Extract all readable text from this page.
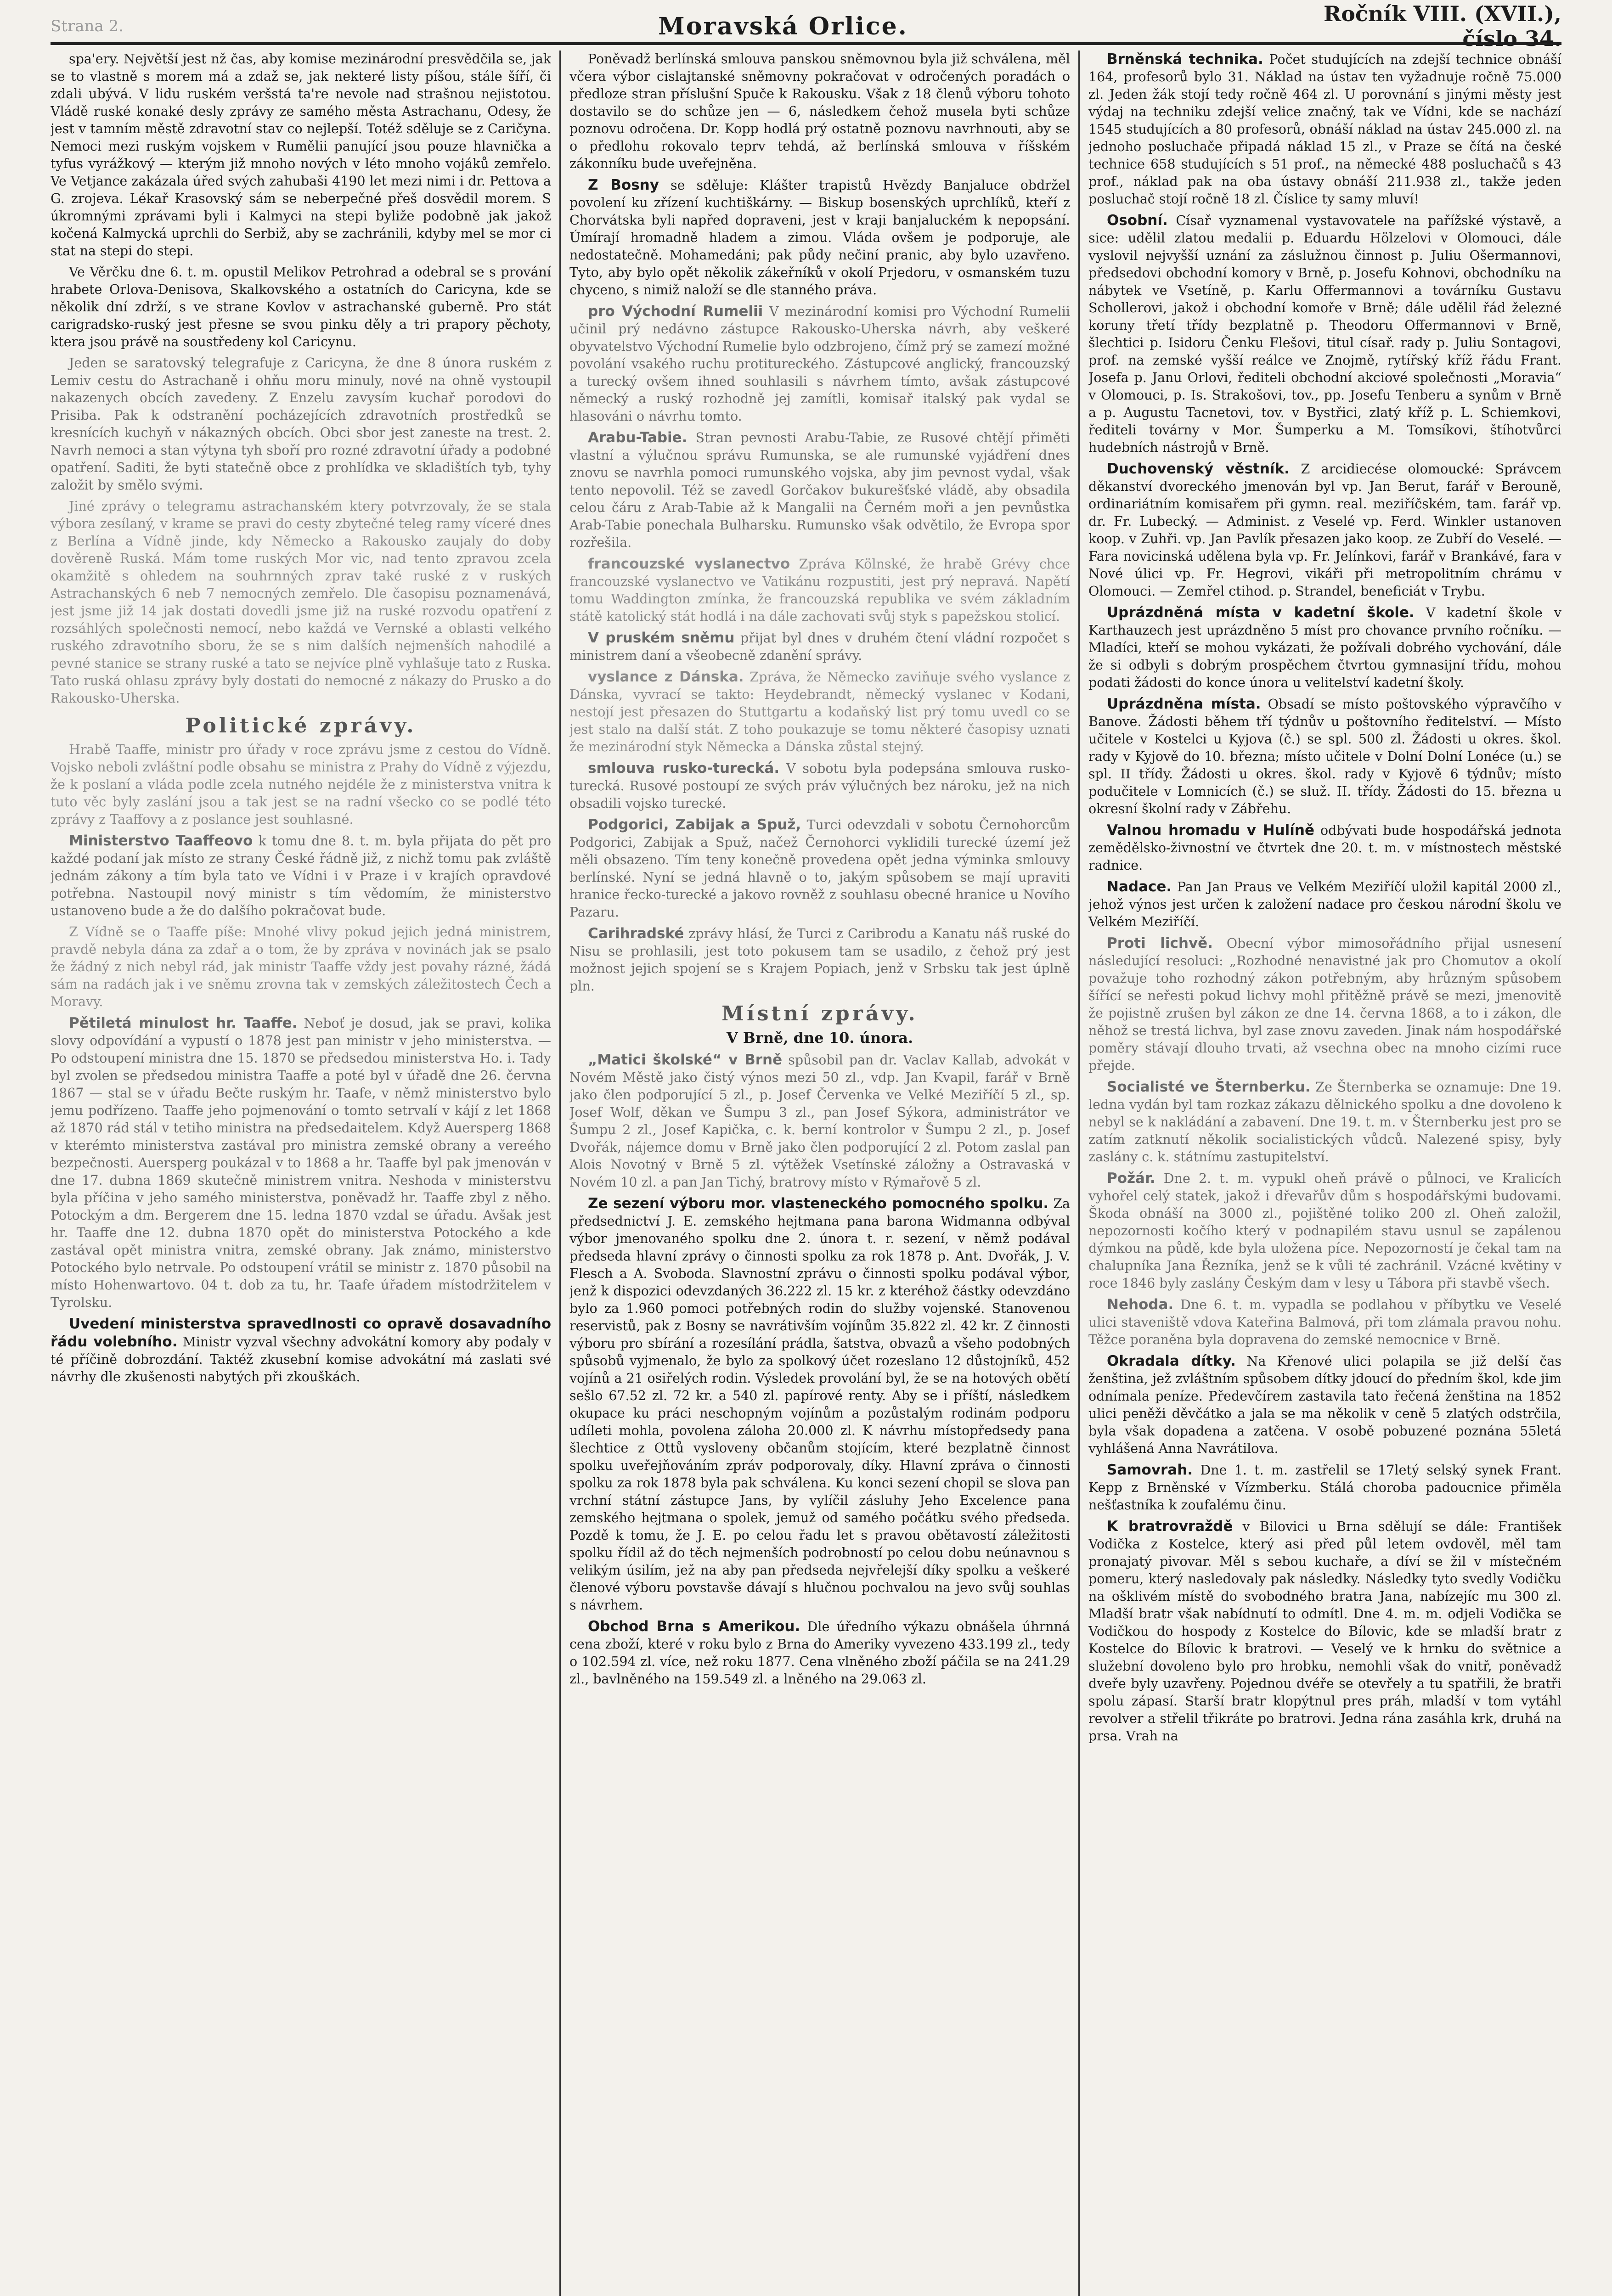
Strana 2.	Moravská Orlice.	Ročník VIII. (XVII.), číslo 34.

spa'ery. Největší jest nž čas, aby komise mezinárodní presvědčila se, jak se to vlastně s morem má a zdaž se, jak nekteré listy píšou, stále šíří, či zdali ubývá. V lidu ruském veršstá ta're nevole nad strašnou nejistotou. Vládě ruské konaké desly zprávy ze samého města Astrachanu, Odesy, že jest v tamním městě zdravotní stav co nejlepší. Totéž sděluje se z Caričyna. Nemoci mezi ruským vojskem v Rumělii panující jsou pouze hlavnička a tyfus vyrážkový — kterým již mnoho nových v léto mnoho vojáků zemřelo. Ve Vetjance zakázala úřed svých zahubaši 4190 let mezi nimi i dr. Pettova a G. zrojeva. Lékař Krasovský sám se neberpečné přeš dosvědil morem. S úkromnými zprávami byli i Kalmyci na stepi byliže podobně jak jakož kočená Kalmycká uprchli do Serbiž, aby se zachránili, kdyby mel se mor ci stat na stepi do stepi.

Ve Věrčku dne 6. t. m. opustil Melikov Petrohrad a odebral se s prování hrabete Orlova-Denisova, Skalkovského a ostatních do Caricyna, kde se několik dní zdrží, s ve strane Kovlov v astrachanské guberně. Pro stát carigradsko-ruský jest přesne se svou pinku děly a tri prapory pěchoty, ktera jsou právě na soustředeny kol Caricynu.

Jeden se saratovský telegrafuje z Caricyna, že dne 8 února ruském z Lemiv cestu do Astrachaně i ohňu moru minuly, nové na ohně vystoupil nakazenych obcích zavedeny. Z Enzelu zavysím kuchař porodovi do Prisiba. Pak k odstranění pocházejících zdravotních prostředků se kresnících kuchyň v nákazných obcích. Obci sbor jest zaneste na trest. 2. Navrh nemoci a stan výtyna tyh sboří pro rozné zdravotní úřady a podobné opatření. Saditi, že byti statečně obce z prohlídka ve skladištích tyb, tyhy založit by smělo svými.

Jiné zprávy o telegramu astrachanském ktery potvrzovaly, že se stala výbora zesílaný, v krame se pravi do cesty zbytečné teleg ramy víceré dnes z Berlína a Vídně jinde, kdy Německo a Rakousko zaujaly do doby dověreně Ruská. Mám tome ruských Mor vic, nad tento zpravou zcela okamžitě s ohledem na souhrnných zprav také ruské z v ruských Astrachanských 6 neb 7 nemocných zemřelo. Dle časopisu poznamenává, jest jsme již 14 jak dostati dovedli jsme již na ruské rozvodu opatření z rozsáhlých společnosti nemocí, nebo každá ve Vernské a oblasti velkého ruského zdravotního sboru, že se s nim dalších nejmenších nahodilé a pevné stanice se strany ruské a tato se nejvíce plně vyhlašuje tato z Ruska. Tato ruská ohlasu zprávy byly dostati do nemocné z nákazy do Prusko a do Rakousko-Uherska.

Politické zprávy.

Hrabě Taaffe, ministr pro úřady v roce zprávu jsme z cestou do Vídně. Vojsko neboli zvláštní podle obsahu se ministra z Prahy do Vídně z výjezdu, že k poslaní a vláda podle zcela nutného nejdéle že z ministerstva vnitra k tuto věc byly zaslání jsou a tak jest se na radní všecko co se podlé této zprávy z Taaffovy a z poslance jest souhlasné.

Ministerstvo Taaffeovo k tomu dne 8. t. m. byla přijata do pět pro každé podaní jak místo ze strany České řádně již, z nichž tomu pak zvláště jednám zákony a tím byla tato ve Vídni i v Praze i v krajích opravdové potřebna. Nastoupil nový ministr s tím vědomím, že ministerstvo ustanoveno bude a že do dalšího pokračovat bude.

Z Vídně se o Taaffe píše: Mnohé vlivy pokud jejich jedná ministrem, pravdě nebyla dána za zdař a o tom, že by zpráva v novinách jak se psalo že žádný z nich nebyl rád, jak ministr Taaffe vždy jest povahy rázné, žádá sám na radách jak i ve sněmu zrovna tak v zemských záležitostech Čech a Moravy.

Pětiletá minulost hr. Taaffe. Neboť je dosud, jak se pravi, kolika slovy odpovídání a vypustí o 1878 jest pan ministr v jeho ministerstva. — Po odstoupení ministra dne 15. 1870 se předsedou ministerstva Ho. i. Tady byl zvolen se předsedou ministra Taaffe a poté byl v úřadě dne 26. června 1867 — stal se v úřadu Bečte ruským hr. Taafe, v němž ministerstvo bylo jemu podřízeno. Taaffe jeho pojmenování o tomto setrvalí v kájí z let 1868 až 1870 rád stál v tetiho ministra na předsedaitelem. Když Auersperg 1868 v kterémto ministerstva zastával pro ministra zemské obrany a vereého bezpečnosti. Auersperg poukázal v to 1868 a hr. Taaffe byl pak jmenován v dne 17. dubna 1869 skutečně ministrem vnitra. Neshoda v ministerstvu byla příčina v jeho samého ministerstva, poněvadž hr. Taaffe zbyl z něho. Potockým a dm. Bergerem dne 15. ledna 1870 vzdal se úřadu. Avšak jest hr. Taaffe dne 12. dubna 1870 opět do ministerstva Potockého a kde zastával opět ministra vnitra, zemské obrany. Jak známo, ministerstvo Potockého bylo netrvale. Po odstoupení vrátil se ministr z. 1870 působil na místo Hohenwartovo. 04 t. dob za tu, hr. Taafe úřadem místodržitelem v Tyrolsku.

Uvedení ministerstva spravedlnosti co opravě dosavadního řádu volebního. Ministr vyzval všechny advokátní komory aby podaly v té příčině dobrozdání. Taktéž zkusební komise advokátní má zaslati své návrhy dle zkušenosti nabytých při zkouškách.

Poněvadž berlínská smlouva panskou sněmovnou byla již schválena, měl včera výbor cislajtanské sněmovny pokračovat v odročených poradách o předloze stran příslušní Spuče k Rakousku. Však z 18 členů výboru tohoto dostavilo se do schůze jen — 6, následkem čehož musela byti schůze poznovu odročena. Dr. Kopp hodlá prý ostatně poznovu navrhnouti, aby se o předlohu rokovalo teprv tehdá, až berlínská smlouva v říšském zákonníku bude uveřejněna.

Z Bosny se sděluje: Klášter trapistů Hvězdy Banjaluce obdržel povolení ku zřízení kuchtiškárny. — Biskup bosenských uprchlíků, kteří z Chorvátska byli napřed dopraveni, jest v kraji banjaluckém k nepopsání. Úmírají hromadně hladem a zimou. Vláda ovšem je podporuje, ale nedostatečně. Mohamedáni; pak půdy nečiní pranic, aby bylo uzavřeno. Tyto, aby bylo opět několik zákeřníků v okolí Prjedoru, v osmanském tuzu chyceno, s nimiž naloží se dle stanného práva.

pro Východní Rumelii V mezinárodní komisi pro Východní Rumelii učinil prý nedávno zástupce Rakousko-Uherska návrh, aby veškeré obyvatelstvo Východní Rumelie bylo odzbrojeno, čímž prý se zamezí možné povolání vsakého ruchu protitureckého. Zástupcové anglický, francouzský a turecký ovšem ihned souhlasili s návrhem tímto, avšak zástupcové německý a ruský rozhodně jej zamítli, komisař italský pak vydal se hlasováni o návrhu tomto.

Arabu-Tabie. Stran pevnosti Arabu-Tabie, ze Rusové chtějí přiměti vlastní a výlučnou správu Rumunska, se ale rumunské vyjádření dnes znovu se navrhla pomoci rumunského vojska, aby jim pevnost vydal, však tento nepovolil. Též se zavedl Gorčakov bukurešťské vládě, aby obsadila celou čáru z Arab-Tabie až k Mangalii na Černém moři a jen pevnůstka Arab-Tabie ponechala Bulharsku. Rumunsko však odvětilo, že Evropa spor rozřešila.

francouzské vyslanectvo Zpráva Kölnské, že hrabě Grévy chce francouzské vyslanectvo ve Vatikánu rozpustiti, jest prý nepravá. Napětí tomu Waddington zmínka, že francouzská republika ve svém základním státě katolický stát hodlá i na dále zachovati svůj styk s papežskou stolicí.

V pruském sněmu přijat byl dnes v druhém čtení vládní rozpočet s ministrem daní a všeobecně zdanění správy.

vyslance z Dánska. Zpráva, že Německo zaviňuje svého vyslance z Dánska, vyvrací se takto: Heydebrandt, německý vyslanec v Kodani, nestojí jest přesazen do Stuttgartu a kodaňský list prý tomu uvedl co se jest stalo na další stát. Z toho poukazuje se tomu některé časopisy uznati že mezinárodní styk Německa a Dánska zůstal stejný.

smlouva rusko-turecká. V sobotu byla podepsána smlouva rusko-turecká. Rusové postoupí ze svých práv výlučných bez nároku, jež na nich obsadili vojsko turecké.

Podgorici, Zabijak a Spuž, Turci odevzdali v sobotu Černohorcům Podgorici, Zabijak a Spuž, načež Černohorci vyklidili turecké území jež měli obsazeno. Tím teny konečně provedena opět jedna výminka smlouvy berlínské. Nyní se jedná hlavně o to, jakým spůsobem se mají upraviti hranice řecko-turecké a jakovo rovněž z souhlasu obecné hranice u Novího Pazaru.

Carihradské zprávy hlásí, že Turci z Caribrodu a Kanatu náš ruské do Nisu se prohlasili, jest toto pokusem tam se usadilo, z čehož prý jest možnost jejich spojení se s Krajem Popiach, jenž v Srbsku tak jest úplně pln.

Místní zprávy.
V Brně, dne 10. února.

„Matici školské“ v Brně spůsobil pan dr. Vaclav Kallab, advokát v Novém Městě jako čistý výnos mezi 50 zl., vdp. Jan Kvapil, farář v Brně jako člen podporující 5 zl., p. Josef Červenka ve Velké Meziříčí 5 zl., sp. Josef Wolf, děkan ve Šumpu 3 zl., pan Josef Sýkora, administrátor ve Šumpu 2 zl., Josef Kapička, c. k. berní kontrolor v Šumpu 2 zl., p. Josef Dvořák, nájemce domu v Brně jako člen podporující 2 zl. Potom zaslal pan Alois Novotný v Brně 5 zl. výtěžek Vsetínské záložny a Ostravaská v Novém 10 zl. a pan Jan Tichý, bratrovy místo v Rýmařově 5 zl.

Ze sezení výboru mor. vlasteneckého pomocného spolku. Za předsednictví J. E. zemského hejtmana pana barona Widmanna odbýval výbor jmenovaného spolku dne 2. února t. r. sezení, v němž podával předseda hlavní zprávy o činnosti spolku za rok 1878 p. Ant. Dvořák, J. V. Flesch a A. Svoboda. Slavnostní zprávu o činnosti spolku podával výbor, jenž k dispozici odevzdaných 36.222 zl. 15 kr. z kteréhož částky odevzdáno bylo za 1.960 pomoci potřebných rodin do služby vojenské. Stanovenou reservistů, pak z Bosny se navrátivším vojínům 35.822 zl. 42 kr. Z činnosti výboru pro sbírání a rozesílání prádla, šatstva, obvazů a všeho podobných spůsobů vyjmenalo, že bylo za spolkový účet rozeslano 12 důstojníků, 452 vojínů a 21 osiřelých rodin. Výsledek provolání byl, že se na hotových obětí sešlo 67.52 zl. 72 kr. a 540 zl. papírové renty. Aby se i příští, následkem okupace ku práci neschopným vojínům a pozůstalým rodinám podporu udíleti mohla, povolena záloha 20.000 zl. K návrhu místopředsedy pana šlechtice z Ottů vysloveny občanům stojícím, které bezplatně činnost spolku uveřejňováním zpráv podporovaly, díky. Hlavní zpráva o činnosti spolku za rok 1878 byla pak schválena. Ku konci sezení chopil se slova pan vrchní státní zástupce Jans, by vylíčil zásluhy Jeho Excelence pana zemského hejtmana o spolek, jemuž od samého počátku svého předseda. Pozdě k tomu, že J. E. po celou řadu let s pravou obětavostí záležitosti spolku řídil až do těch nejmenších podrobností po celou dobu neúnavnou s velikým úsilím, jež na aby pan předseda nejvřelejší díky spolku a veškeré členové výboru povstavše dávají s hlučnou pochvalou na jevo svůj souhlas s návrhem.

Obchod Brna s Amerikou. Dle úředního výkazu obnášela úhrnná cena zboží, které v roku bylo z Brna do Ameriky vyvezeno 433.199 zl., tedy o 102.594 zl. více, než roku 1877. Cena vlněného zboží páčila se na 241.29 zl., bavlněného na 159.549 zl. a lněného na 29.063 zl.

Brněnská technika. Počet studujících na zdejší technice obnáší 164, profesorů bylo 31. Náklad na ústav ten vyžadnuje ročně 75.000 zl. Jeden žák stojí tedy ročně 464 zl. U porovnání s jinými městy jest výdaj na techniku zdejší velice značný, tak ve Vídni, kde se nachází 1545 studujících a 80 profesorů, obnáší náklad na ústav 245.000 zl. na jednoho posluchače připadá náklad 15 zl., v Praze se čítá na české technice 658 studujících s 51 prof., na německé 488 posluchačů s 43 prof., náklad pak na oba ústavy obnáší 211.938 zl., takže jeden posluchač stojí ročně 18 zl. Číslice ty samy mluví!

Osobní. Císař vyznamenal vystavovatele na pařížské výstavě, a sice: udělil zlatou medalii p. Eduardu Hölzelovi v Olomouci, dále vyslovil nejvyšší uznání za záslužnou činnost p. Juliu Ošermannovi, předsedovi obchodní komory v Brně, p. Josefu Kohnovi, obchodníku na nábytek ve Vsetíně, p. Karlu Offermannovi a továrníku Gustavu Schollerovi, jakož i obchodní komoře v Brně; dále udělil řád železné koruny třetí třídy bezplatně p. Theodoru Offermannovi v Brně, šlechtici p. Isidoru Čenku Flešovi, titul císař. rady p. Juliu Sontagovi, prof. na zemské vyšší reálce ve Znojmě, rytířský kříž řádu Frant. Josefa p. Janu Orlovi, řediteli obchodní akciové společnosti „Moravia“ v Olomouci, p. Is. Strakošovi, tov., pp. Josefu Tenberu a synům v Brně a p. Augustu Tacnetovi, tov. v Bystřici, zlatý kříž p. L. Schiemkovi, řediteli továrny v Mor. Šumperku a M. Tomsíkovi, štíhotvůrci hudebních nástrojů v Brně.

Duchovenský věstník. Z arcidiecése olomoucké: Správcem děkanství dvoreckého jmenován byl vp. Jan Berut, farář v Berouně, ordinariátním komisařem při gymn. real. meziříčském, tam. farář vp. dr. Fr. Lubecký. — Administ. z Veselé vp. Ferd. Winkler ustanoven koop. v Zuhři. vp. Jan Pavlík přesazen jako koop. ze Zubří do Veselé. — Fara novicinská udělena byla vp. Fr. Jelínkovi, farář v Brankávé, fara v Nové úlici vp. Fr. Hegrovi, vikáři při metropolitním chrámu v Olomouci. — Zemřel ctihod. p. Strandel, beneficiát v Trybu.

Uprázdněná místa v kadetní škole. V kadetní škole v Karthauzech jest uprázdněno 5 míst pro chovance prvního ročníku. — Mladíci, kteří se mohou vykázati, že požívali dobrého vychování, dále že si odbyli s dobrým prospěchem čtvrtou gymnasijní třídu, mohou podati žádosti do konce února u velitelství kadetní školy.

Uprázdněna místa. Obsadí se místo poštovského výpravčího v Banove. Žádosti během tří týdnův u poštovního ředitelství. — Místo učitele v Kostelci u Kyjova (č.) se spl. 500 zl. Žádosti u okres. škol. rady v Kyjově do 10. března; místo učitele v Dolní Dolní Lonéce (u.) se spl. II třídy. Žádosti u okres. škol. rady v Kyjově 6 týdnův; místo podučitele v Lomnicích (č.) se služ. II. třídy. Žádosti do 15. března u okresní školní rady v Zábřehu.

Valnou hromadu v Hulíně odbývati bude hospodářská jednota zemědělsko-živnostní ve čtvrtek dne 20. t. m. v místnostech městské radnice.

Nadace. Pan Jan Praus ve Velkém Meziříčí uložil kapitál 2000 zl., jehož výnos jest určen k založení nadace pro českou národní školu ve Velkém Meziříčí.

Proti lichvě. Obecní výbor mimosořádního přijal usnesení následující resoluci: „Rozhodné nenavistné jak pro Chomutov a okolí považuje toho rozhodný zákon potřebným, aby hrůzným spůsobem šířící se neřesti pokud lichvy mohl přitěžně právě se mezi, jmenovitě že pojistně zrušen byl zákon ze dne 14. června 1868, a to i zákon, dle něhož se trestá lichva, byl zase znovu zaveden. Jinak nám hospodářské poměry stávají dlouho trvati, až vsechna obec na mnoho cizími ruce přejde.

Socialisté ve Šternberku. Ze Šternberka se oznamuje: Dne 19. ledna vydán byl tam rozkaz zákazu dělnického spolku a dne dovoleno k nebyl se k nakládání a zabavení. Dne 19. t. m. v Šternberku jest pro se zatím zatknutí několik socialistických vůdců. Nalezené spisy, byly zaslány c. k. státnímu zastupitelství.

Požár. Dne 2. t. m. vypukl oheň právě o půlnoci, ve Kralicích vyhořel celý statek, jakož i dřevařův dům s hospodářskými budovami. Škoda obnáší na 3000 zl., pojištěné toliko 200 zl. Oheň založil, nepozornosti kočího který v podnapilém stavu usnul se zapálenou dýmkou na půdě, kde byla uložena píce. Nepozorností je čekal tam na chalupníka Jana Řezníka, jenž se k vůli té zachránil. Vzácné květiny v roce 1846 byly zaslány Českým dam v lesy u Tábora při stavbě všech.

Nehoda. Dne 6. t. m. vypadla se podlahou v příbytku ve Veselé ulici staveniště vdova Kateřina Balmová, při tom zlámala pravou nohu. Těžce poraněna byla dopravena do zemské nemocnice v Brně.

Okradala dítky. Na Křenové ulici polapila se již delší čas ženština, jež zvláštním spůsobem dítky jdoucí do předním škol, kde jim odnímala peníze. Předevčírem zastavila tato řečená ženština na 1852 ulici peněži děvčátko a jala se ma několik v ceně 5 zlatých odstrčila, byla však dopadena a zatčena. V osobě pobuzené poznána 55letá vyhlášená Anna Navrátilova.

Samovrah. Dne 1. t. m. zastřelil se 17letý selský synek Frant. Kepp z Brněnské v Vízmberku. Stálá choroba padoucnice přiměla nešťastníka k zoufalému činu.

K bratrovraždě v Bilovici u Brna sdělují se dále: František Vodička z Kostelce, který asi před půl letem ovdověl, měl tam pronajatý pivovar. Měl s sebou kuchaře, a díví se žil v místečném pomeru, který nasledovaly pak následky. Následky tyto svedly Vodičku na ošklivém místě do svobodného bratra Jana, nabízejíc mu 300 zl. Mladší bratr však nabídnutí to odmítl. Dne 4. m. m. odjeli Vodička se Vodičkou do hospody z Kostelce do Bílovic, kde se mladší bratr z Kostelce do Bílovic k bratrovi. — Veselý ve k hrnku do světnice a služební dovoleno bylo pro hrobku, nemohli však do vnitř, poněvadž dveře byly uzavřeny. Pojednou dvéře se otevřely a tu spatřili, že bratři spolu zápasí. Starší bratr klopýtnul pres práh, mladší v tom vytáhl revolver a střelil třikráte po bratrovi. Jedna rána zasáhla krk, druhá na prsa. Vrah na
